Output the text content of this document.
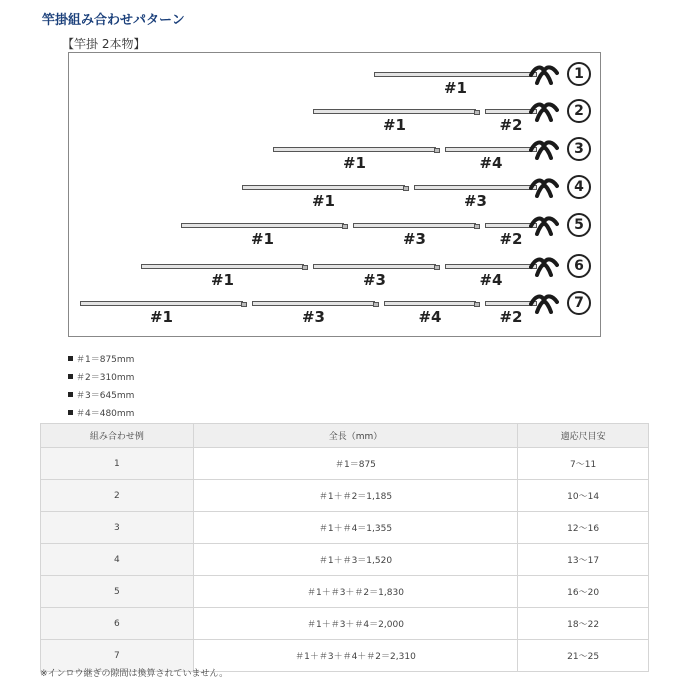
竿掛組み合わせパターン
【竿掛 2本物】
#1
1
#1	#2
2
#1	#4
3
#1	#3
4
#1	#3	#2
5
#1	#3	#4
6
#1	#3	#4	#2
7
＃1＝875mm
＃2＝310mm
＃3＝645mm
＃4＝480mm
組み合わせ例	全長（mm）	適応尺目安
1	＃1＝875	7〜11
2	＃1＋＃2＝1,185	10〜14
3	＃1＋＃4＝1,355	12〜16
4	＃1＋＃3＝1,520	13〜17
5	＃1＋＃3＋＃2＝1,830	16〜20
6	＃1＋＃3＋＃4＝2,000	18〜22
7	＃1＋＃3＋＃4＋＃2＝2,310	21〜25
※インロウ継ぎの隙間は換算されていません。
